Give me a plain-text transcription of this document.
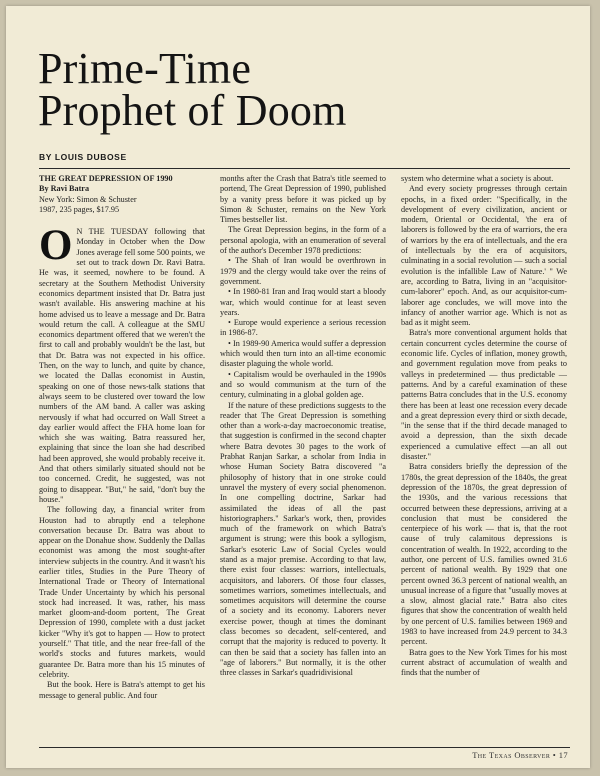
Prime-Time
Prophet of Doom
BY LOUIS DUBOSE
THE GREAT DEPRESSION OF 1990
By Ravi Batra
New York: Simon & Schuster
1987, 235 pages, $17.95

O N THE TUESDAY following that Monday in October when the Dow Jones average fell some 500 points, we set out to track down Dr. Ravi Batra. He was, it seemed, nowhere to be found. A secretary at the Southern Methodist University economics department insisted that Dr. Batra just wasn't available. His answering machine at his home advised us to leave a message and Dr. Batra would return the call. A colleague at the SMU economics department offered that we weren't the first to call and probably wouldn't be the last, but that Dr. Batra was not expected in his office. Then, on the way to lunch, and quite by chance, we located the Dallas economist in Austin, speaking on one of those news-talk stations that always seem to be clustered over toward the low numbers of the AM band. A caller was asking nervously if what had occurred on Wall Street a day earlier would affect the FHA home loan for which she was waiting. Batra reassured her, explaining that since the loan she had described had been approved, she would probably receive it. And that others similarly situated should not be too concerned. Credit, he suggested, was not going to disappear. "But," he said, "don't buy the house."

The following day, a financial writer from Houston had to abruptly end a telephone conversation because Dr. Batra was about to appear on the Donahue show. Suddenly the Dallas economist was among the most sought-after interview subjects in the country. And it wasn't his earlier titles, Studies in the Pure Theory of International Trade or Theory of International Trade Under Uncertainty by which his personal stock had increased. It was, rather, his mass market gloom-and-doom portent, The Great Depression of 1990, complete with a dust jacket kicker "Why it's got to happen — How to protect yourself." That title, and the near free-fall of the world's stocks and futures markets, would guarantee Dr. Batra more than his 15 minutes of celebrity.

But the book. Here is Batra's attempt to get his message to general public. And four

months after the Crash that Batra's title seemed to portend, The Great Depression of 1990, published by a vanity press before it was picked up by Simon & Schuster, remains on the New York Times bestseller list.

The Great Depression begins, in the form of a personal apologia, with an enumeration of several of the author's December 1978 predictions:

• The Shah of Iran would be overthrown in 1979 and the clergy would take over the reins of government.

• In 1980-81 Iran and Iraq would start a bloody war, which would continue for at least seven years.

• Europe would experience a serious recession in 1986-87.

• In 1989-90 America would suffer a depression which would then turn into an all-time economic disaster plaguing the whole world.

• Capitalism would be overhauled in the 1990s and so would communism at the turn of the century, culminating in a global golden age.

If the nature of these predictions suggests to the reader that The Great Depression is something other than a work-a-day macroeconomic treatise, that suggestion is confirmed in the second chapter where Batra devotes 30 pages to the work of Prabhat Ranjan Sarkar, a scholar from India in whose Human Society Batra discovered "a philosophy of history that in one stroke could unravel the mystery of every social phenomenon. In one compelling doctrine, Sarkar had assimilated the ideas of all the past historiographers." Sarkar's work, then, provides much of the framework on which Batra's argument is strung; were this book a syllogism, Sarkar's esoteric Law of Social Cycles would stand as a major premise. According to that law, there exist four classes: warriors, intellectuals, acquisitors, and laborers. Of those four classes, sometimes warriors, sometimes intellectuals, and sometimes acquisitors will determine the course of a society and its economy. Laborers never exercise power, though at times the dominant class becomes so decadent, self-centered, and corrupt that the majority is reduced to poverty. It can then be said that a society has fallen into an "age of laborers." But normally, it is the other three classes in Sarkar's quadridivisional

system who determine what a society is about.

And every society progresses through certain epochs, in a fixed order: "Specifically, in the development of every civilization, ancient or modern, Oriental or Occidental, 'the era of laborers is followed by the era of warriors, the era of warriors by the era of intellectuals, and the era of intellectuals by the era of acquisitors, culminating in a social revolution — such a social evolution is the infallible Law of Nature.' " We are, according to Batra, living in an "acquisitor-cum-laborer" epoch. And, as our acquisitor-cum-laborer age concludes, we will move into the infancy of another warrior age. Which is not as bad as it might seem.

Batra's more conventional argument holds that certain concurrent cycles determine the course of economic life. Cycles of inflation, money growth, and government regulation move from peaks to valleys in predetermined — thus predictable — patterns. And by a careful examination of these patterns Batra concludes that in the U.S. economy there has been at least one recession every decade and a great depression every third or sixth decade, "in the sense that if the third decade managed to avoid a depression, than the sixth decade experienced a cumulative effect —an all out disaster."

Batra considers briefly the depression of the 1780s, the great depression of the 1840s, the great depression of the 1870s, the great depression of the 1930s, and the various recessions that occurred between these depressions, arriving at a conclusion that must be considered the centerpiece of his work — that is, that the root cause of truly calamitous depressions is concentration of wealth. In 1922, according to the author, one percent of U.S. families owned 31.6 percent of national wealth. By 1929 that one percent owned 36.3 percent of national wealth, an unusual increase of a figure that "usually moves at a slow, almost glacial rate." Batra also cites figures that show the concentration of wealth held by one percent of U.S. families between 1969 and 1983 to have increased from 24.9 percent to 34.3 percent.

Batra goes to the New York Times for his most current abstract of accumulation of wealth and finds that the number of

The Texas Observer • 17
